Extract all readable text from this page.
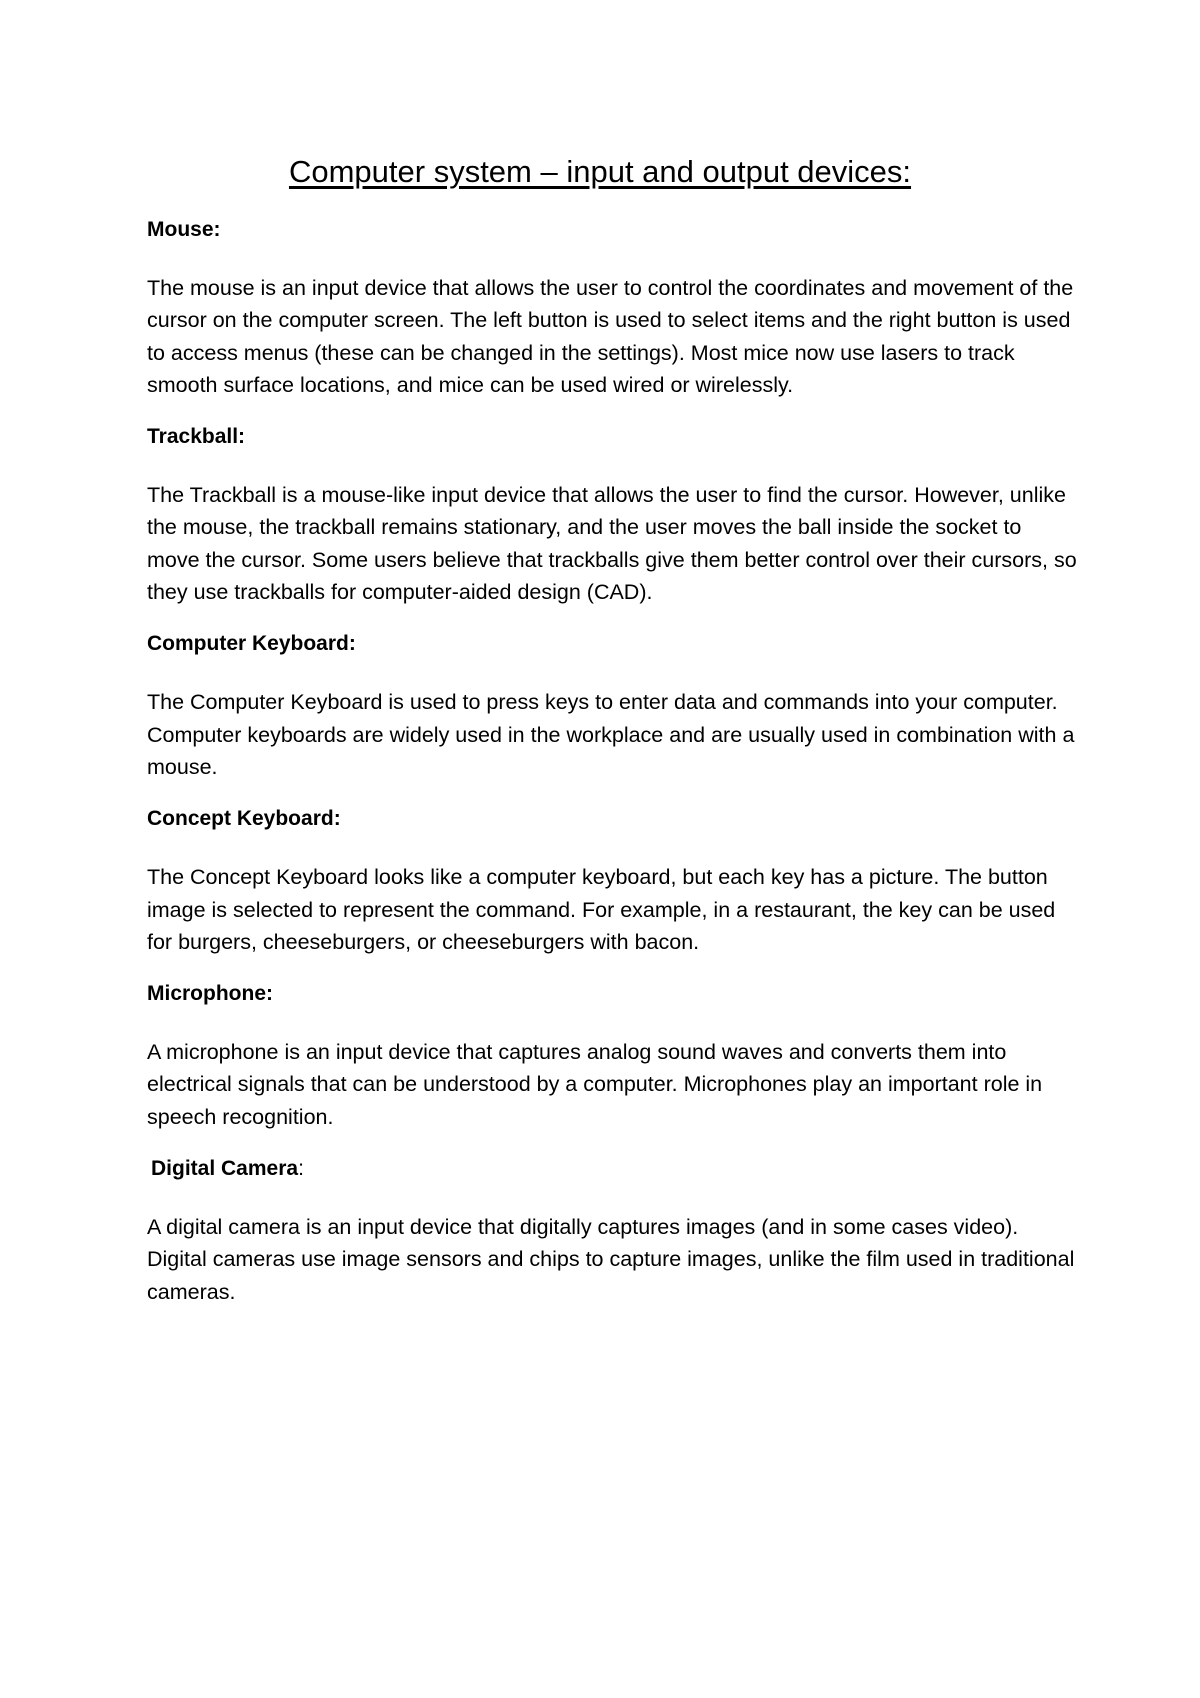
Computer system – input and output devices:
Mouse:

The mouse is an input device that allows the user to control the coordinates and movement of the cursor on the computer screen. The left button is used to select items and the right button is used to access menus (these can be changed in the settings). Most mice now use lasers to track smooth surface locations, and mice can be used wired or wirelessly.

Trackball:

The Trackball is a mouse-like input device that allows the user to find the cursor. However, unlike the mouse, the trackball remains stationary, and the user moves the ball inside the socket to move the cursor. Some users believe that trackballs give them better control over their cursors, so they use trackballs for computer-aided design (CAD).

Computer Keyboard:

The Computer Keyboard is used to press keys to enter data and commands into your computer. Computer keyboards are widely used in the workplace and are usually used in combination with a mouse.

Concept Keyboard:

The Concept Keyboard looks like a computer keyboard, but each key has a picture. The button image is selected to represent the command. For example, in a restaurant, the key can be used for burgers, cheeseburgers, or cheeseburgers with bacon.

Microphone:

A microphone is an input device that captures analog sound waves and converts them into electrical signals that can be understood by a computer. Microphones play an important role in speech recognition.

Digital Camera:

A digital camera is an input device that digitally captures images (and in some cases video). Digital cameras use image sensors and chips to capture images, unlike the film used in traditional cameras.
